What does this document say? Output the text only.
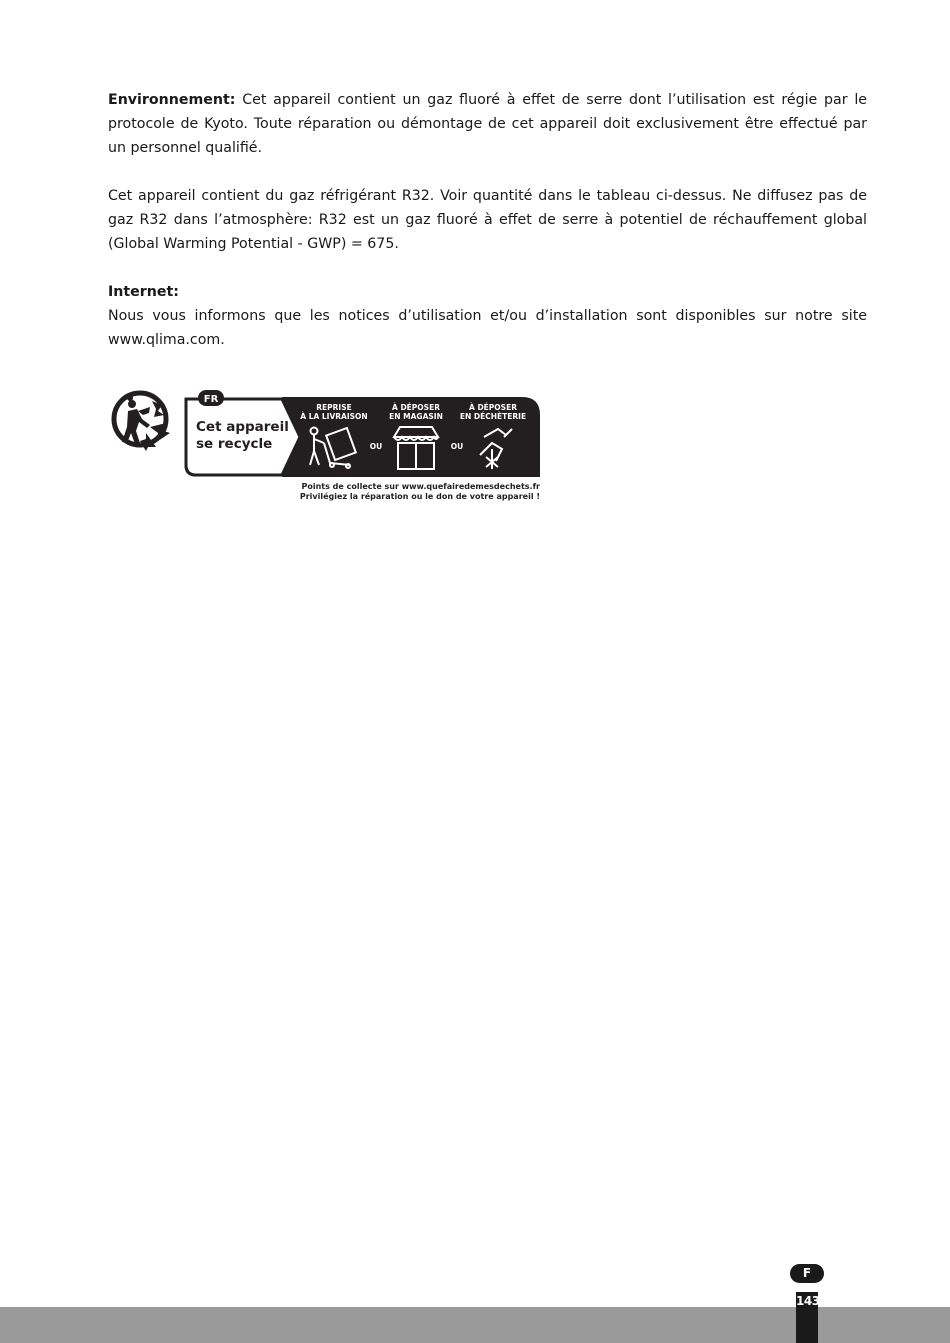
Environnement: Cet appareil contient un gaz fluoré à effet de serre dont l’utilisation est régie par le protocole de Kyoto. Toute réparation ou démontage de cet appareil doit exclusivement être effectué par un personnel qualifié.

Cet appareil contient du gaz réfrigérant R32. Voir quantité dans le tableau ci-dessus. Ne diffusez pas de gaz R32 dans l’atmosphère: R32 est un gaz fluoré à effet de serre à potentiel de réchauffement global (Global Warming Potential - GWP) = 675.

Internet:
Nous vous informons que les notices d’utilisation et/ou d’installation sont disponibles sur notre site www.qlima.com.

FR
Cet appareil
se recycle
REPRISE
À LA LIVRAISON
À DÉPOSER
EN MAGASIN
À DÉPOSER
EN DÉCHÈTERIE
OU	OU
Points de collecte sur www.quefairedemesdechets.fr
Privilégiez la réparation ou le don de votre appareil !
F
143
